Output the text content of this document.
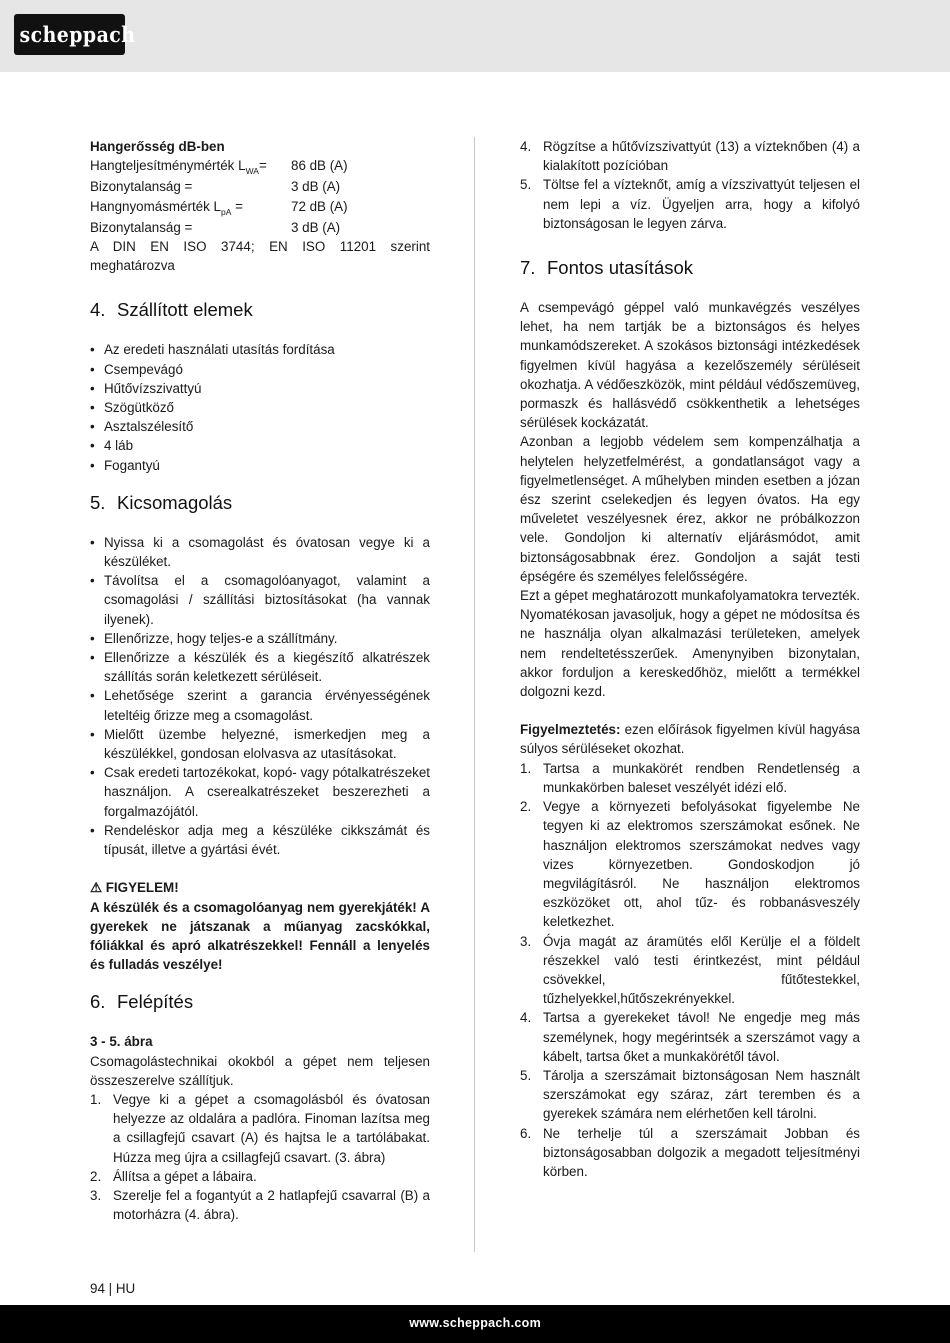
scheppach

Hangerősség dB-ben

Hangteljesítménymérték $L_{WA}=$	86 dB (A)
Bizonytalanság =	3 dB (A)
Hangnyomásmérték $L_{pA}$ =	72 dB (A)
Bizonytalanság =	3 dB (A)

A DIN EN ISO 3744; EN ISO 11201 szerint meghatározva

4. Szállított elemek
• Az eredeti használati utasítás fordítása
• Csempevágó
• Hűtővízszivattyú
• Szögütköző
• Asztalszélesítő
• 4 láb
• Fogantyú
5. Kicsomagolás
• Nyissa ki a csomagolást és óvatosan vegye ki a készüléket.
• Távolítsa el a csomagolóanyagot, valamint a csomagolási / szállítási biztosításokat (ha vannak ilyenek).
• Ellenőrizze, hogy teljes-e a szállítmány.
• Ellenőrizze a készülék és a kiegészítő alkatrészek szállítás során keletkezett sérüléseit.
• Lehetősége szerint a garancia érvényességének leteltéig őrizze meg a csomagolást.
• Mielőtt üzembe helyezné, ismerkedjen meg a készülékkel, gondosan elolvasva az utasításokat.
• Csak eredeti tartozékokat, kopó- vagy pótalkatrészeket használjon. A cserealkatrészeket beszerezheti a forgalmazójától.
• Rendeléskor adja meg a készüléke cikkszámát és típusát, illetve a gyártási évét.

⚠ FIGYELEM!

A készülék és a csomagolóanyag nem gyerekjáték! A gyerekek ne játszanak a műanyag zacskókkal, fóliákkal és apró alkatrészekkel! Fennáll a lenyelés és fulladás veszélye!

6. Felépítés

3 - 5. ábra

Csomagolástechnikai okokból a gépet nem teljesen összeszerelve szállítjuk.

1. Vegye ki a gépet a csomagolásból és óvatosan helyezze az oldalára a padlóra. Finoman lazítsa meg a csillagfejű csavart (A) és hajtsa le a tartólábakat. Húzza meg újra a csillagfejű csavart. (3. ábra)
2. Állítsa a gépet a lábaira.
3. Szerelje fel a fogantyút a 2 hatlapfejű csavarral (B) a motorházra (4. ábra).
4. Rögzítse a hűtővízszivattyút (13) a vízteknőben (4) a kialakított pozícióban
5. Töltse fel a vízteknőt, amíg a vízszivattyút teljesen el nem lepi a víz. Ügyeljen arra, hogy a kifolyó biztonságosan le legyen zárva.
7. Fontos utasítások

A csempevágó géppel való munkavégzés veszélyes lehet, ha nem tartják be a biztonságos és helyes munkamódszereket. A szokásos biztonsági intézkedések figyelmen kívül hagyása a kezelőszemély sérüléseit okozhatja. A védőeszközök, mint például védőszemüveg, pormaszk és hallásvédő csökkenthetik a lehetséges sérülések kockázatát.

Azonban a legjobb védelem sem kompenzálhatja a helytelen helyzetfelmérést, a gondatlanságot vagy a figyelmetlenséget. A műhelyben minden esetben a józan ész szerint cselekedjen és legyen óvatos. Ha egy műveletet veszélyesnek érez, akkor ne próbálkozzon vele. Gondoljon ki alternatív eljárásmódot, amit biztonságosabbnak érez. Gondoljon a saját testi épségére és személyes felelősségére.

Ezt a gépet meghatározott munkafolyamatokra tervezték. Nyomatékosan javasoljuk, hogy a gépet ne módosítsa és ne használja olyan alkalmazási területeken, amelyek nem rendeltetésszerűek. Amenynyiben bizonytalan, akkor forduljon a kereskedőhöz, mielőtt a termékkel dolgozni kezd.

Figyelmeztetés: ezen előírások figyelmen kívül hagyása súlyos sérüléseket okozhat.

1. Tartsa a munkakörét rendben Rendetlenség a munkakörben baleset veszélyét idézi elő.
2. Vegye a környezeti befolyásokat figyelembe Ne tegyen ki az elektromos szerszámokat esőnek. Ne használjon elektromos szerszámokat nedves vagy vizes környezetben. Gondoskodjon jó megvilágításról. Ne használjon elektromos eszközöket ott, ahol tűz- és robbanásveszély keletkezhet.
3. Óvja magát az áramütés elől Kerülje el a földelt részekkel való testi érintkezést, mint például csövekkel, fűtőtestekkel, tűzhelyekkel,hűtőszekrényekkel.
4. Tartsa a gyerekeket távol! Ne engedje meg más személynek, hogy megérintsék a szerszámot vagy a kábelt, tartsa őket a munkakörétől távol.
5. Tárolja a szerszámait biztonságosan Nem használt szerszámokat egy száraz, zárt teremben és a gyerekek számára nem elérhetően kell tárolni.
6. Ne terhelje túl a szerszámait Jobban és biztonságosabban dolgozik a megadott teljesítményi körben.
94 | HU
www.scheppach.com
